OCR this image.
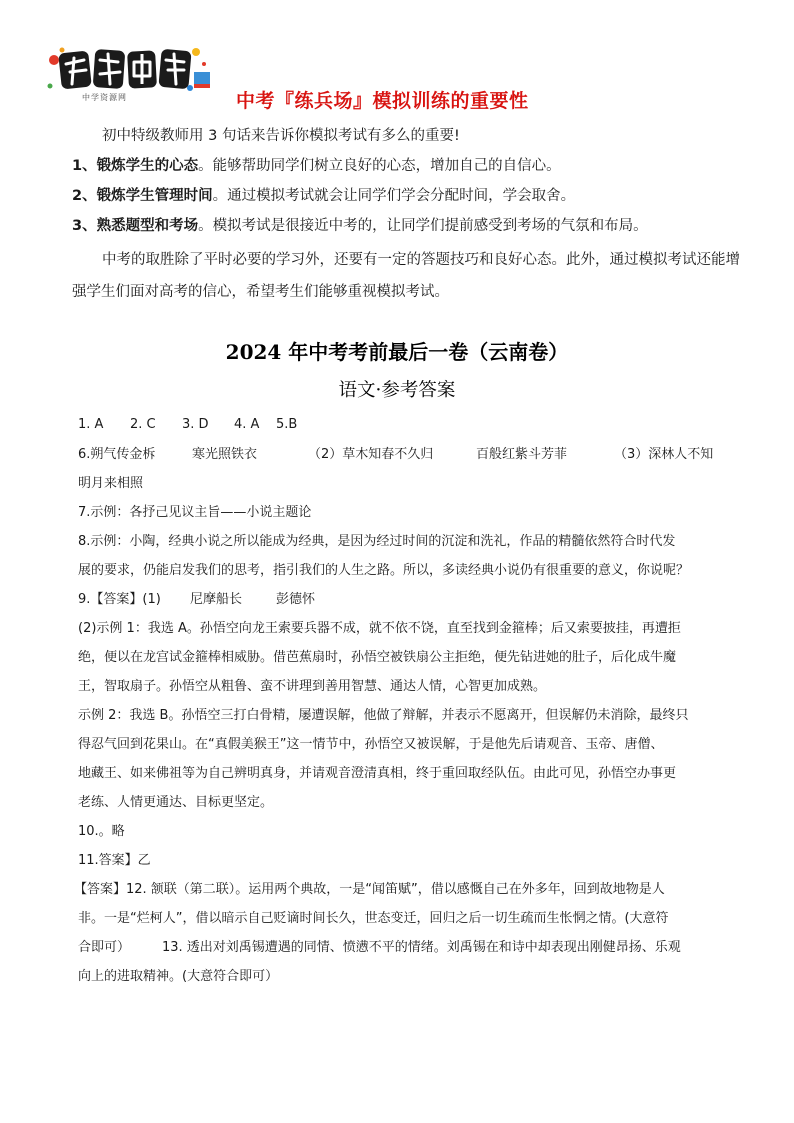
中学资源网	中考『练兵场』模拟训练的重要性
初中特级教师用 3 句话来告诉你模拟考试有多么的重要!
1、锻炼学生的心态。能够帮助同学们树立良好的心态，增加自己的自信心。
2、锻炼学生管理时间。通过模拟考试就会让同学们学会分配时间，学会取舍。
3、熟悉题型和考场。模拟考试是很接近中考的，让同学们提前感受到考场的气氛和布局。
中考的取胜除了平时必要的学习外，还要有一定的答题技巧和良好心态。此外，通过模拟考试还能增
强学生们面对高考的信心，希望考生们能够重视模拟考试。
2024 年中考考前最后一卷（云南卷）
语文·参考答案
1. A 2. C 3. D 4. A 5.B
6.朔气传金柝	寒光照铁衣	（2）草木知春不久归	百般红紫斗芳菲	（3）深林人不知
明月来相照
7.示例：各抒己见议主旨——小说主题论
8.示例：小陶，经典小说之所以能成为经典，是因为经过时间的沉淀和洗礼，作品的精髓依然符合时代发
展的要求，仍能启发我们的思考，指引我们的人生之路。所以，多读经典小说仍有很重要的意义，你说呢？
9.【答案】(1) 尼摩船长	彭德怀
(2)示例 1：我选 A。孙悟空向龙王索要兵器不成，就不依不饶，直至找到金箍棒；后又索要披挂，再遭拒
绝，便以在龙宫试金箍棒相威胁。借芭蕉扇时，孙悟空被铁扇公主拒绝，便先钻进她的肚子，后化成牛魔
王，智取扇子。孙悟空从粗鲁、蛮不讲理到善用智慧、通达人情，心智更加成熟。
示例 2：我选 B。孙悟空三打白骨精，屡遭误解，他做了辩解，并表示不愿离开，但误解仍未消除，最终只
得忍气回到花果山。在“真假美猴王”这一情节中，孙悟空又被误解，于是他先后请观音、玉帝、唐僧、
地藏王、如来佛祖等为自己辨明真身，并请观音澄清真相，终于重回取经队伍。由此可见，孙悟空办事更
老练、人情更通达、目标更坚定。
10.。略
11.答案】乙
【答案】12. 颔联（第二联）。运用两个典故，一是“闻笛赋”，借以感慨自己在外多年，回到故地物是人
非。一是“烂柯人”，借以暗示自己贬谪时间长久，世态变迁，回归之后一切生疏而生怅惘之情。(大意符
合即可） 13. 透出对刘禹锡遭遇的同情、愤懑不平的情绪。刘禹锡在和诗中却表现出刚健昂扬、乐观
向上的进取精神。(大意符合即可）
